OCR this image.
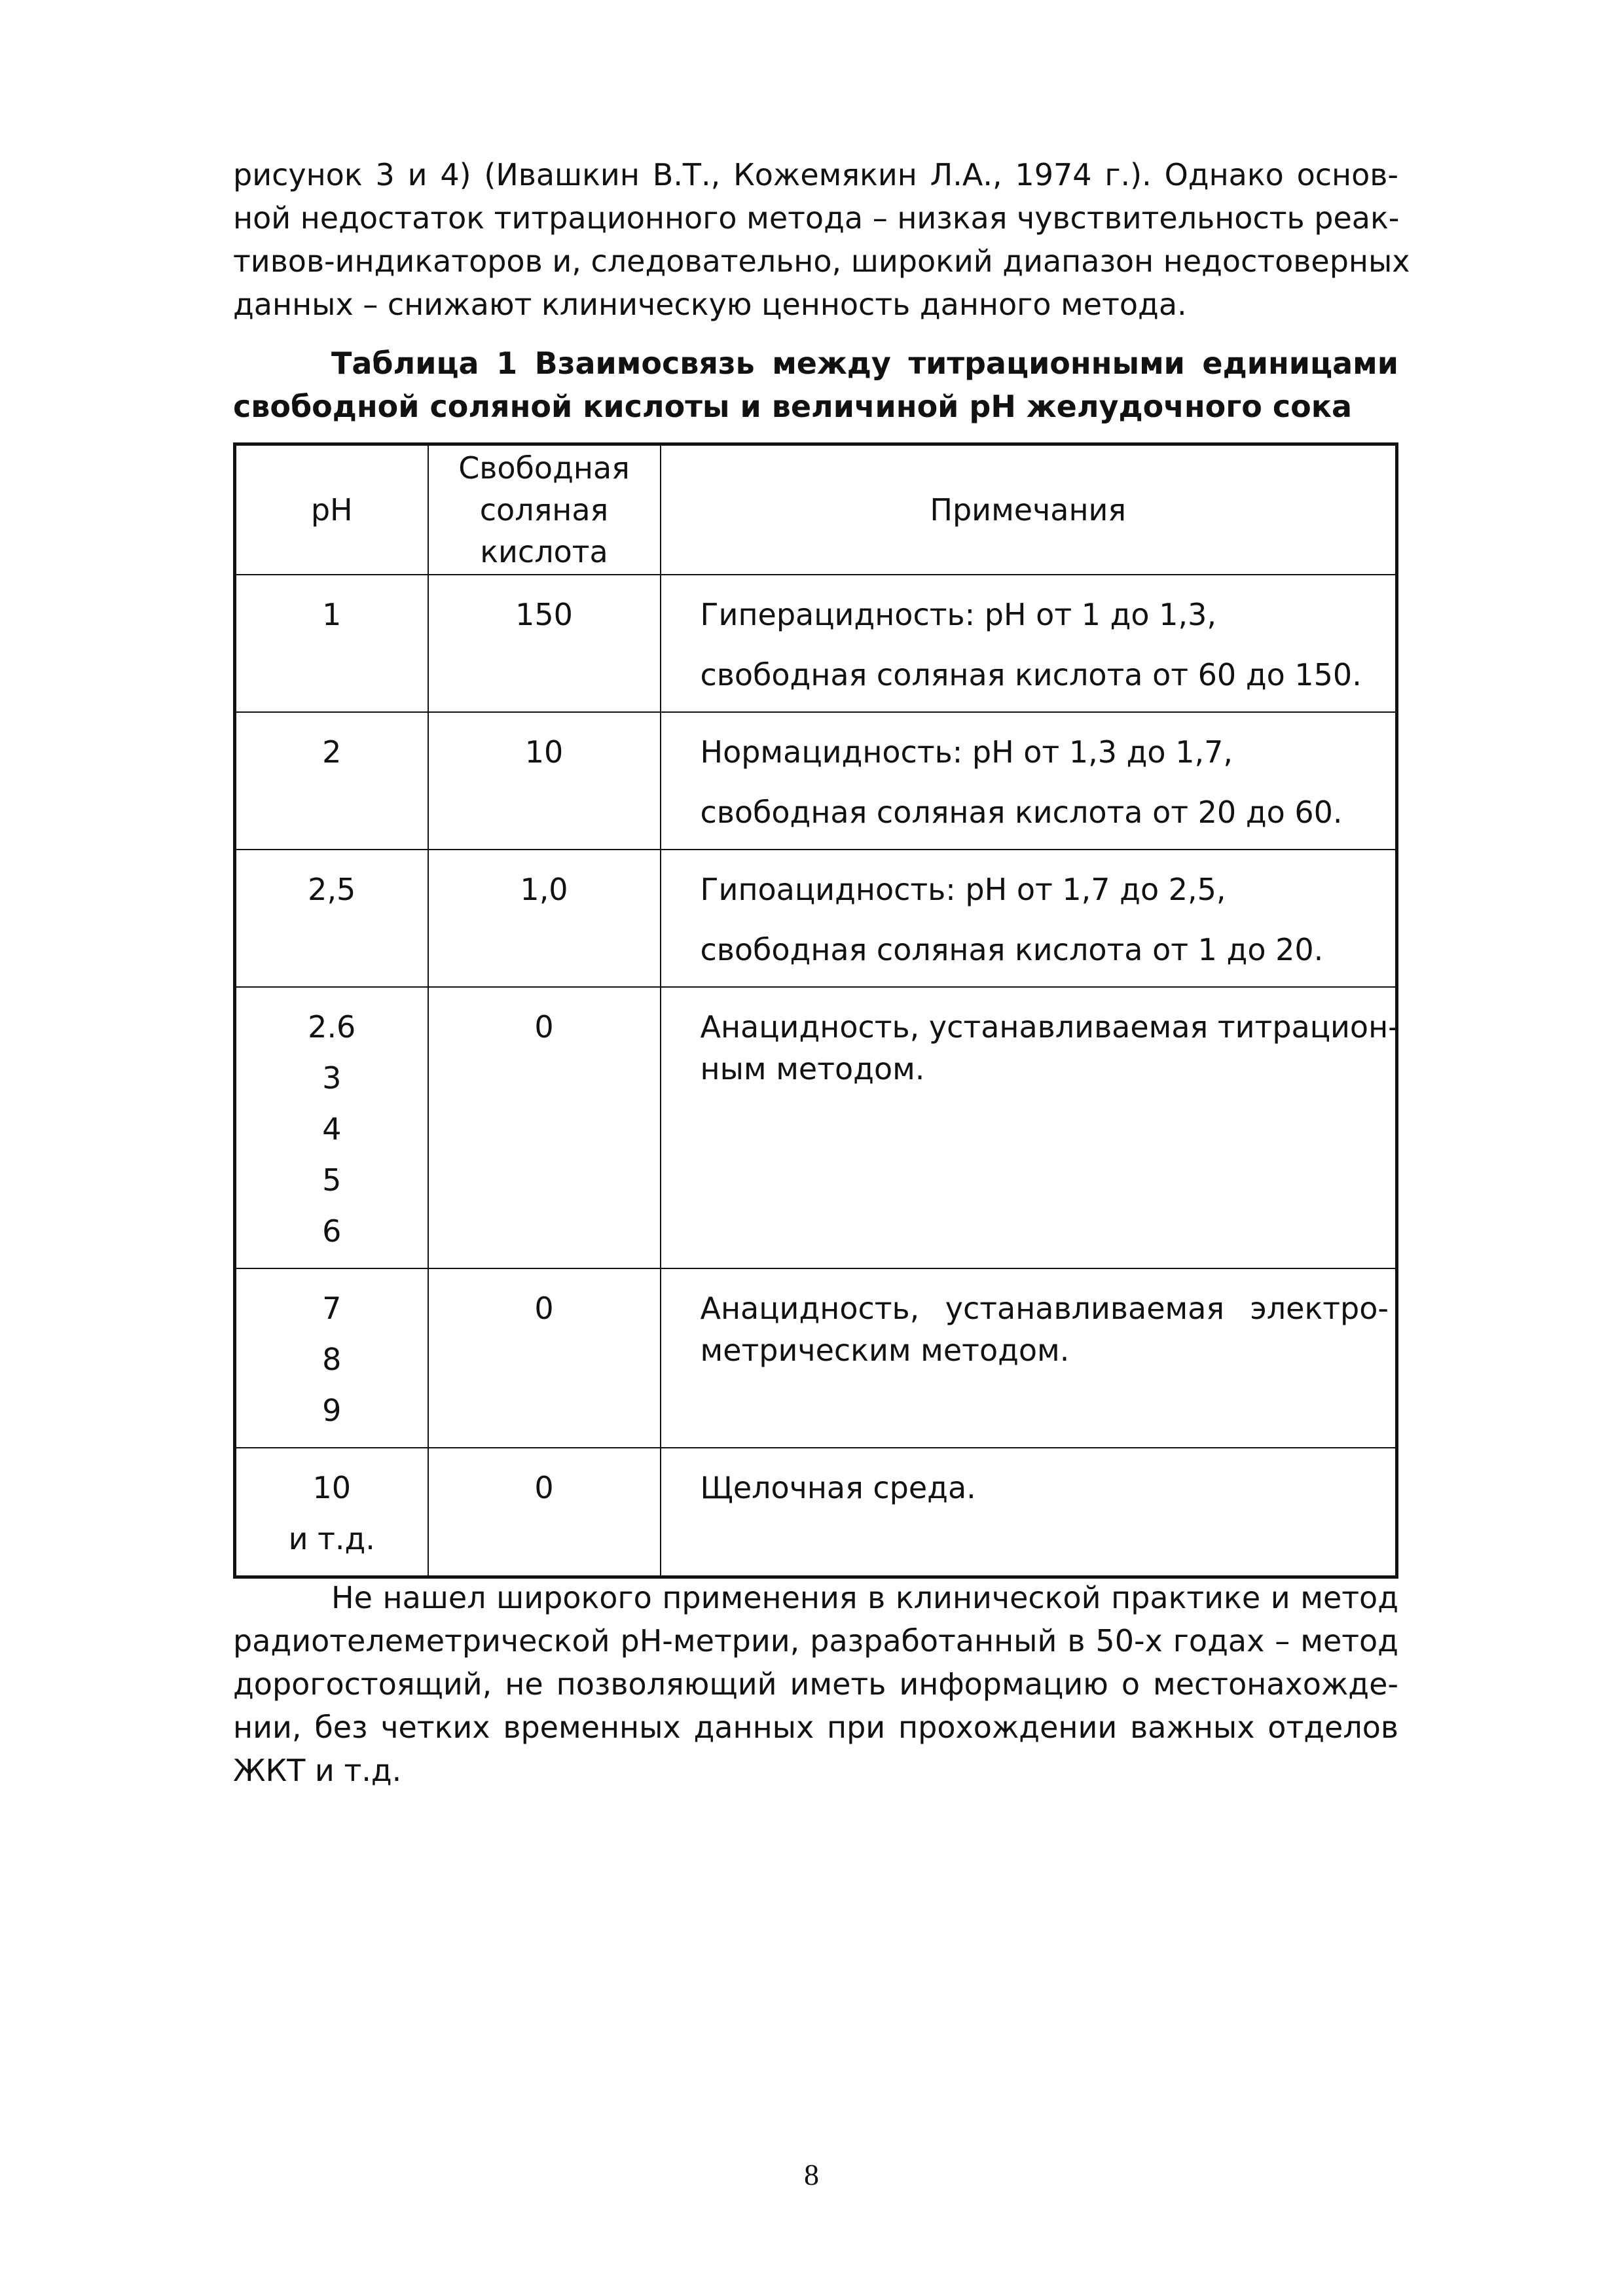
рисунок 3 и 4) (Ивашкин В.Т., Кожемякин Л.А., 1974 г.). Однако основ-
ной недостаток титрационного метода – низкая чувствительность реак-
тивов-индикаторов и, следовательно, широкий диапазон недостоверных
данных – снижают клиническую ценность данного метода.
Таблица 1 Взаимосвязь между титрационными единицами
свободной соляной кислоты и величиной pH желудочного сока
pH	Свободная
соляная
кислота	Примечания

1	150	Гиперацидность: pH от 1 до 1,3,
свободная соляная кислота от 60 до 150.

2	10	Нормацидность: pH от 1,3 до 1,7,
свободная соляная кислота от 20 до 60.

2,5	1,0	Гипоацидность: pH от 1,7 до 2,5,
свободная соляная кислота от 1 до 20.

2.6
3
4
5
6	0	Анацидность, устанавливаемая титрацион-
ным методом.

7
8
9	0	Анацидность, устанавливаемая электро-
метрическим методом.

10
и т.д.	0	Щелочная среда.
Не нашел широкого применения в клинической практике и метод
радиотелеметрической pH-метрии, разработанный в 50-х годах – метод
дорогостоящий, не позволяющий иметь информацию о местонахожде-
нии, без четких временных данных при прохождении важных отделов
ЖКТ и т.д.
8
